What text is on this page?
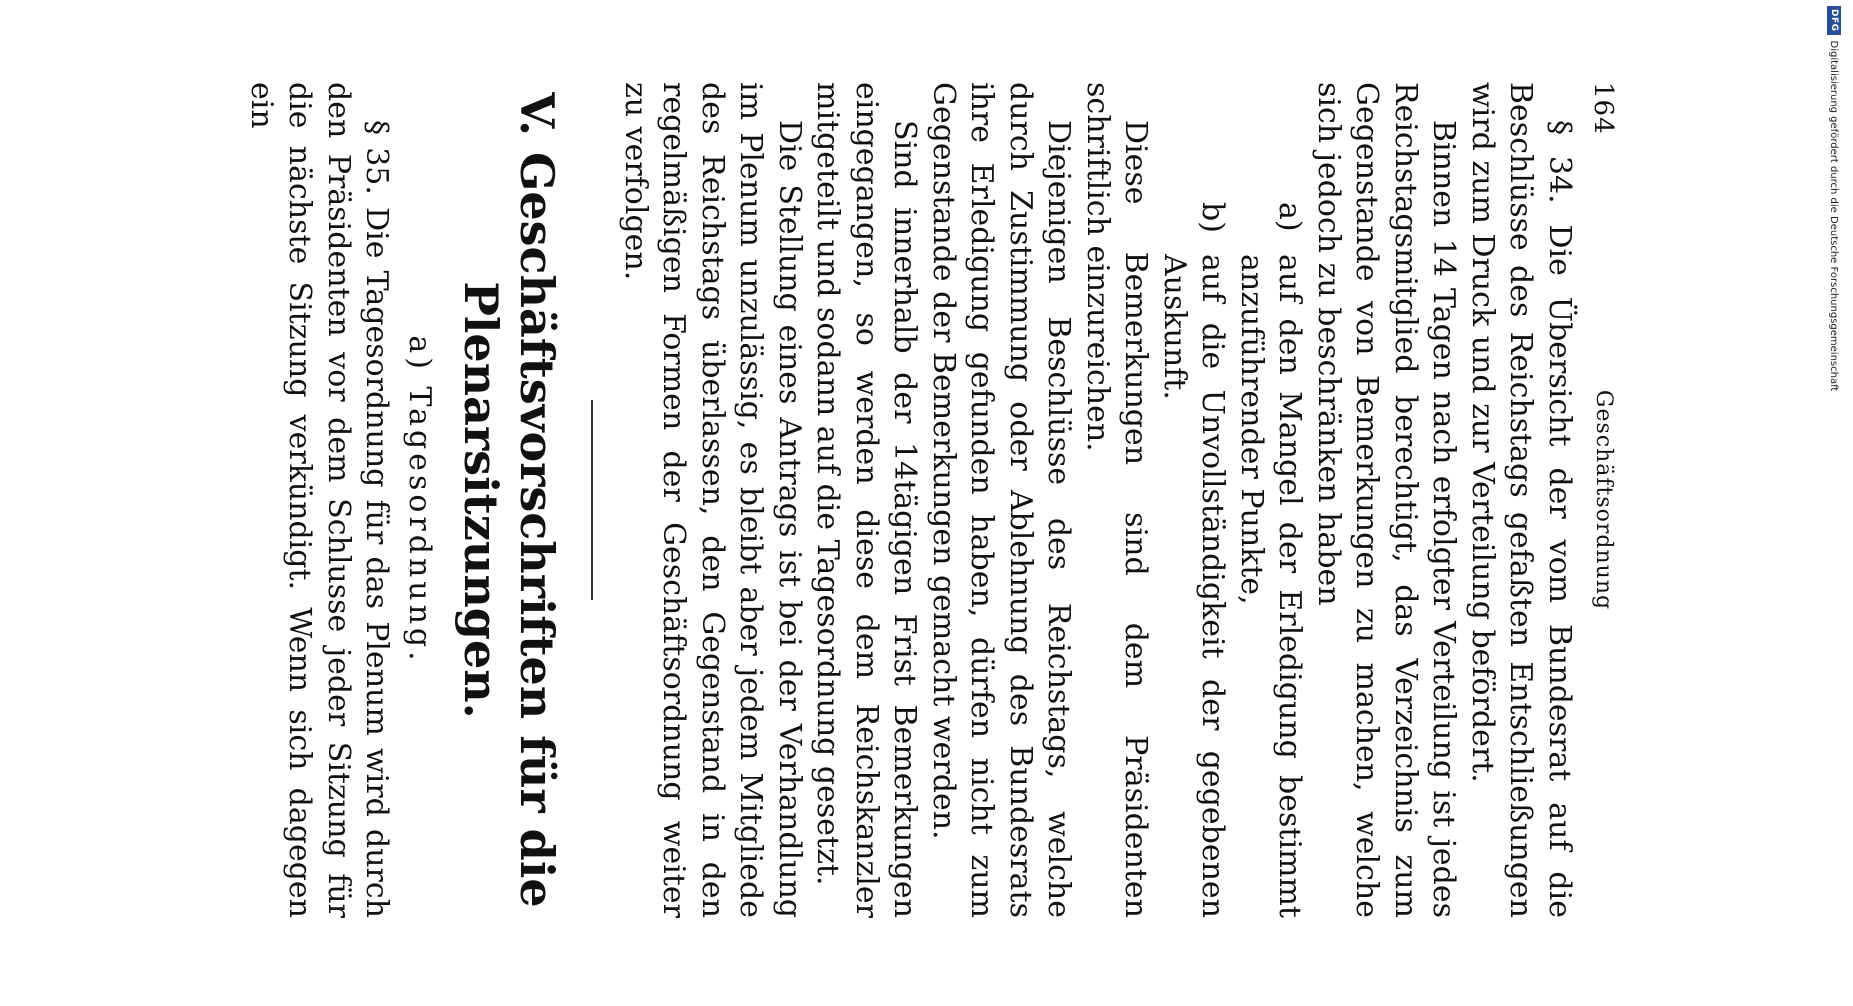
164
Geschäftsordnung

§ 34. Die Übersicht der vom Bundesrat auf die Beschlüsse des Reichstags gefaßten Entschließungen wird zum Druck und zur Verteilung befördert.

Binnen 14 Tagen nach erfolgter Verteilung ist jedes Reichstagsmitglied berechtigt, das Verzeichnis zum Gegenstande von Bemerkungen zu machen, welche sich jedoch zu beschränken haben

a)
auf den Mangel der Erledigung bestimmt anzuführender Punkte,
b)
auf die Unvollständigkeit der gegebenen Auskunft.

Diese Bemerkungen sind dem Präsidenten schriftlich einzureichen.

Diejenigen Beschlüsse des Reichstags, welche durch Zustimmung oder Ablehnung des Bundesrats ihre Erledigung gefunden haben, dürfen nicht zum Gegenstande der Bemerkungen gemacht werden.

Sind innerhalb der 14tägigen Frist Bemerkungen eingegangen, so werden diese dem Reichskanzler mitgeteilt und sodann auf die Tagesordnung gesetzt.

Die Stellung eines Antrags ist bei der Verhandlung im Plenum unzulässig, es bleibt aber jedem Mitgliede des Reichstags überlassen, den Gegenstand in den regelmäßigen Formen der Geschäftsordnung weiter zu verfolgen.

V. Geschäftsvorschriften für die Plenarsitzungen.
a) Tagesordnung.

§ 35. Die Tagesordnung für das Plenum wird durch den Präsidenten vor dem Schlusse jeder Sitzung für die nächste Sitzung verkündigt. Wenn sich dagegen ein

DFG
Digitalisierung gefördert durch die Deutsche Forschungsgemeinschaft
